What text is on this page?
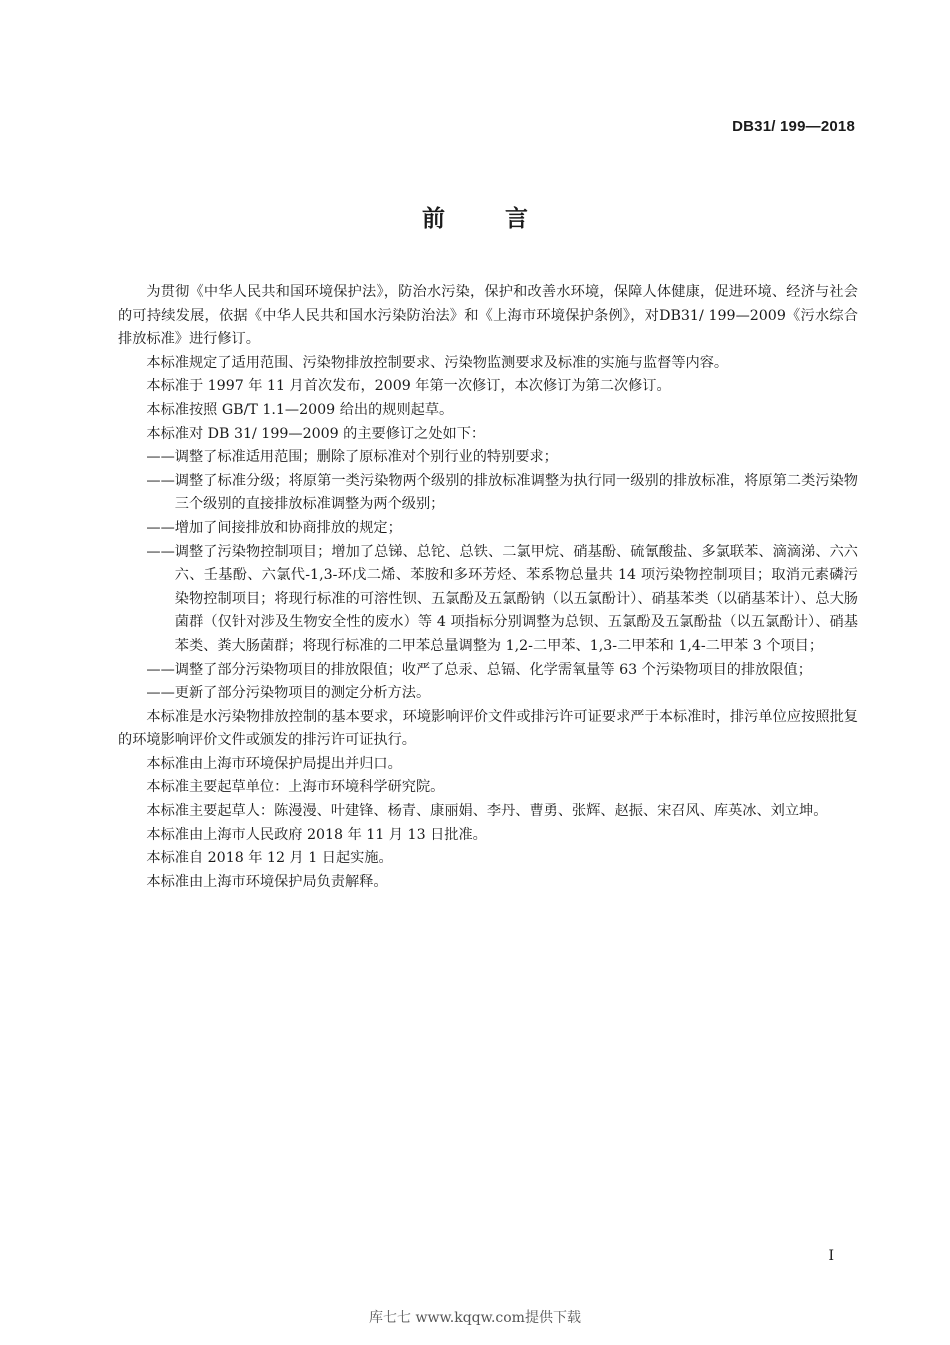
DB31/ 199—2018
前	言

为贯彻《中华人民共和国环境保护法》，防治水污染，保护和改善水环境，保障人体健康，促进环境、经济与社会的可持续发展，依据《中华人民共和国水污染防治法》和《上海市环境保护条例》，对DB31/ 199—2009《污水综合排放标准》进行修订。

本标准规定了适用范围、污染物排放控制要求、污染物监测要求及标准的实施与监督等内容。

本标准于 1997 年 11 月首次发布，2009 年第一次修订，本次修订为第二次修订。

本标准按照 GB/T 1.1—2009 给出的规则起草。

本标准对 DB 31/ 199—2009 的主要修订之处如下：

——调整了标准适用范围；删除了原标准对个别行业的特别要求；

——调整了标准分级；将原第一类污染物两个级别的排放标准调整为执行同一级别的排放标准，将原第二类污染物三个级别的直接排放标准调整为两个级别；

——增加了间接排放和协商排放的规定；

——调整了污染物控制项目；增加了总锑、总铊、总铁、二氯甲烷、硝基酚、硫氰酸盐、多氯联苯、滴滴涕、六六六、壬基酚、六氯代-1,3-环戊二烯、苯胺和多环芳烃、苯系物总量共 14 项污染物控制项目；取消元素磷污染物控制项目；将现行标准的可溶性钡、五氯酚及五氯酚钠（以五氯酚计）、硝基苯类（以硝基苯计）、总大肠菌群（仅针对涉及生物安全性的废水）等 4 项指标分别调整为总钡、五氯酚及五氯酚盐（以五氯酚计）、硝基苯类、粪大肠菌群；将现行标准的二甲苯总量调整为 1,2-二甲苯、1,3-二甲苯和 1,4-二甲苯 3 个项目；

——调整了部分污染物项目的排放限值；收严了总汞、总镉、化学需氧量等 63 个污染物项目的排放限值；

——更新了部分污染物项目的测定分析方法。

本标准是水污染物排放控制的基本要求，环境影响评价文件或排污许可证要求严于本标准时，排污单位应按照批复的环境影响评价文件或颁发的排污许可证执行。

本标准由上海市环境保护局提出并归口。

本标准主要起草单位：上海市环境科学研究院。

本标准主要起草人：陈漫漫、叶建锋、杨青、康丽娟、李丹、曹勇、张辉、赵振、宋召风、库英冰、刘立坤。

本标准由上海市人民政府 2018 年 11 月 13 日批准。

本标准自 2018 年 12 月 1 日起实施。

本标准由上海市环境保护局负责解释。

I
库七七 www.kqqw.com提供下载
